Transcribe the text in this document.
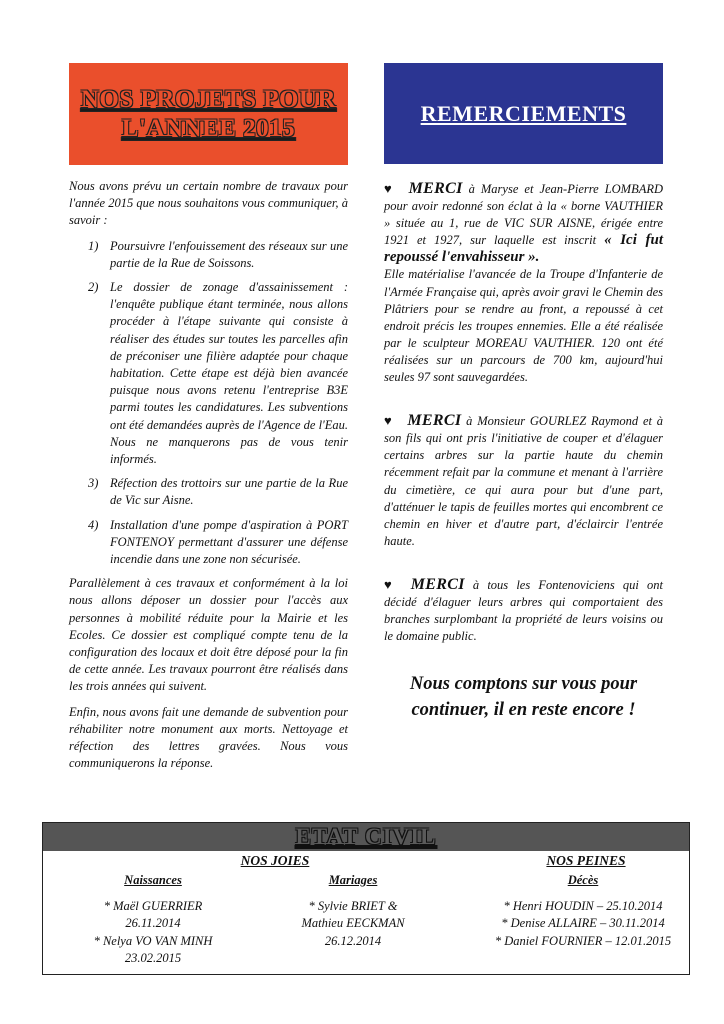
NOS PROJETS POUR
L'ANNEE 2015
REMERCIEMENTS

Nous avons prévu un certain nombre de travaux pour l'année 2015 que nous souhaitons vous communiquer, à savoir :

1) Poursuivre l'enfouissement des réseaux sur une partie de la Rue de Soissons.
2) Le dossier de zonage d'assainissement : l'enquête publique étant terminée, nous allons procéder à l'étape suivante qui consiste à réaliser des études sur toutes les parcelles afin de préconiser une filière adaptée pour chaque habitation. Cette étape est déjà bien avancée puisque nous avons retenu l'entreprise B3E parmi toutes les candidatures. Les subventions ont été demandées auprès de l'Agence de l'Eau. Nous ne manquerons pas de vous tenir informés.
3) Réfection des trottoirs sur une partie de la Rue de Vic sur Aisne.
4) Installation d'une pompe d'aspiration à PORT FONTENOY permettant d'assurer une défense incendie dans une zone non sécurisée.

Parallèlement à ces travaux et conformément à la loi nous allons déposer un dossier pour l'accès aux personnes à mobilité réduite pour la Mairie et les Ecoles. Ce dossier est compliqué compte tenu de la configuration des locaux et doit être déposé pour la fin de cette année. Les travaux pourront être réalisés dans les trois années qui suivent.

Enfin, nous avons fait une demande de subvention pour réhabiliter notre monument aux morts. Nettoyage et réfection des lettres gravées. Nous vous communiquerons la réponse.

♥ MERCI à Maryse et Jean-Pierre LOMBARD pour avoir redonné son éclat à la « borne VAUTHIER » située au 1, rue de VIC SUR AISNE, érigée entre 1921 et 1927, sur laquelle est inscrit « Ici fut repoussé l'envahisseur ».
Elle matérialise l'avancée de la Troupe d'Infanterie de l'Armée Française qui, après avoir gravi le Chemin des Plâtriers pour se rendre au front, a repoussé à cet endroit précis les troupes ennemies. Elle a été réalisée par le sculpteur MOREAU VAUTHIER. 120 ont été réalisées sur un parcours de 700 km, aujourd'hui seules 97 sont sauvegardées.
♥ MERCI à Monsieur GOURLEZ Raymond et à son fils qui ont pris l'initiative de couper et d'élaguer certains arbres sur la partie haute du chemin récemment refait par la commune et menant à l'arrière du cimetière, ce qui aura pour but d'une part, d'atténuer le tapis de feuilles mortes qui encombrent ce chemin en hiver et d'autre part, d'éclaircir l'entrée haute.
♥ MERCI à tous les Fontenoviciens qui ont décidé d'élaguer leurs arbres qui comportaient des branches surplombant la propriété de leurs voisins ou le domaine public.
Nous comptons sur vous pour continuer, il en reste encore !
ETAT CIVIL
NOS JOIES	NOS PEINES
Naissances
* Maël GUERRIER
26.11.2014
* Nelya VO VAN MINH
23.02.2015
Mariages
* Sylvie BRIET &
Mathieu EECKMAN
26.12.2014
Décès
* Henri HOUDIN – 25.10.2014
* Denise ALLAIRE – 30.11.2014
* Daniel FOURNIER – 12.01.2015
